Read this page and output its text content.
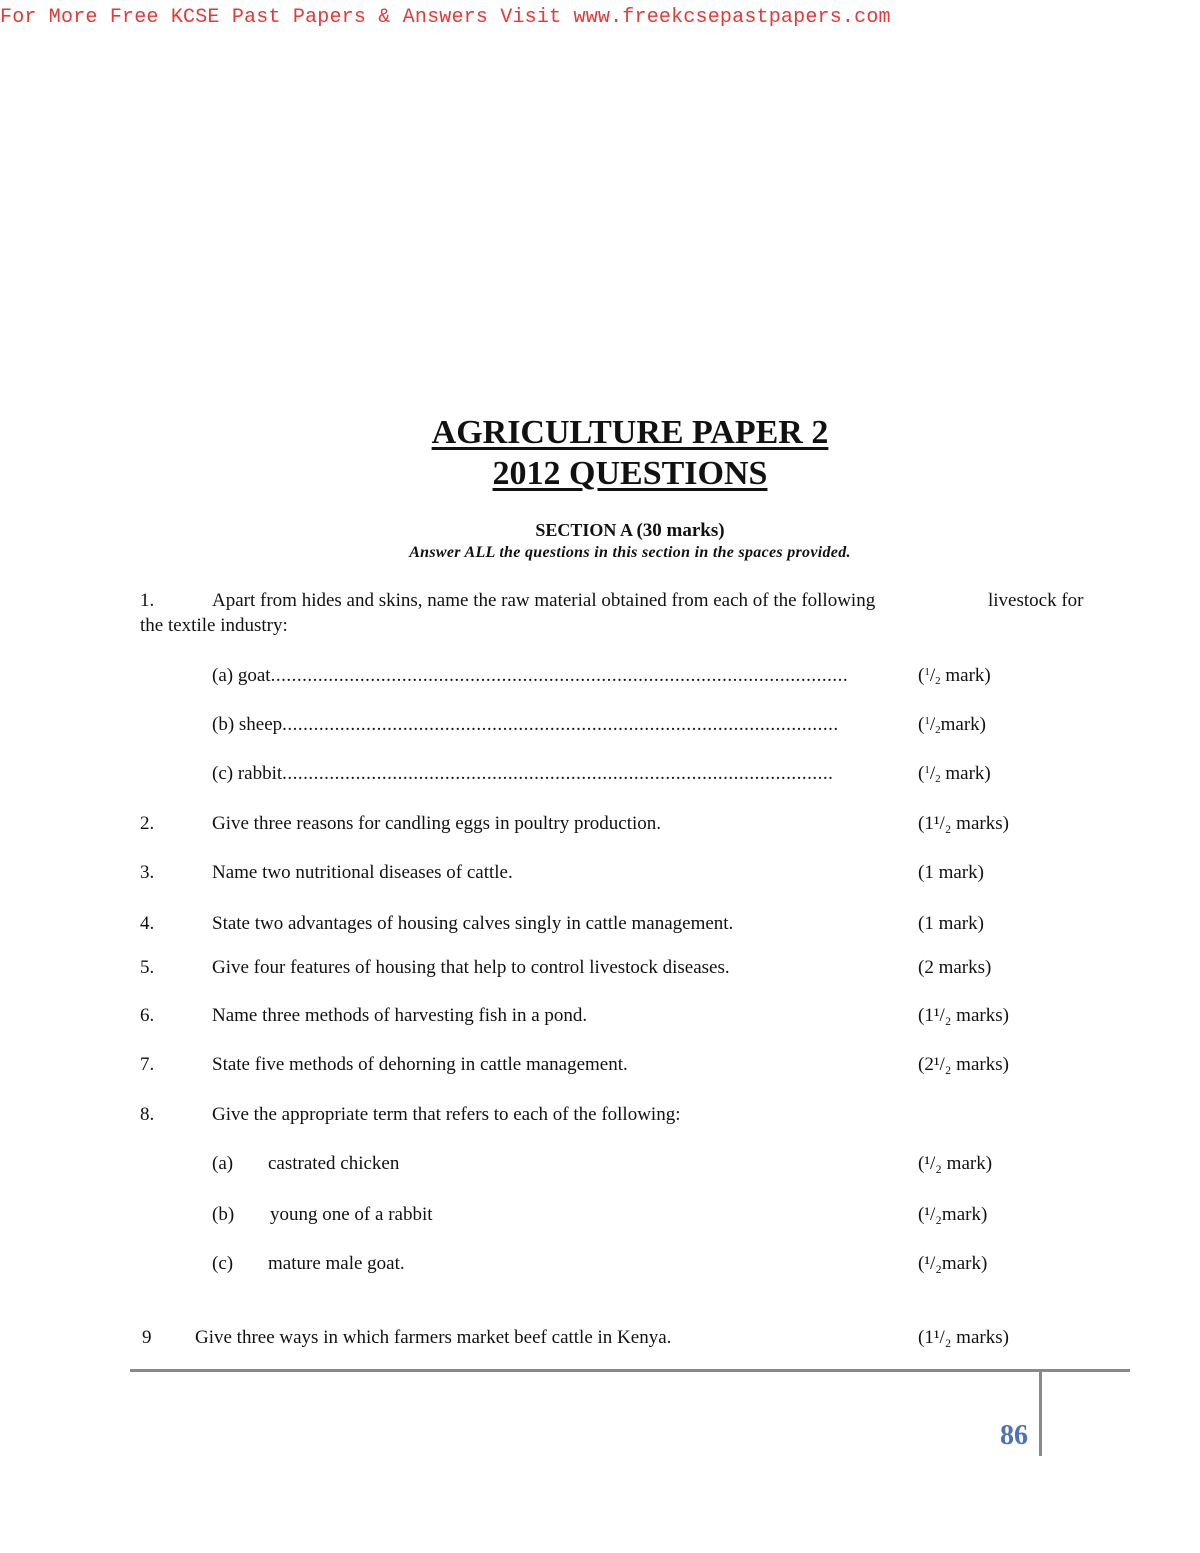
For More Free KCSE Past Papers & Answers Visit www.freekcsepastpapers.com
AGRICULTURE PAPER 2
2012 QUESTIONS
SECTION A (30 marks)
Answer ALL the questions in this section in the spaces provided.
1.	Apart from hides and skins, name the raw material obtained from each of the following	livestock for
the textile industry:
(a) goat..............................................................................................................	($^1/_2$ mark)
(b) sheep..........................................................................................................	$(^1/_2mark)$
(c) rabbit.........................................................................................................	($^1/_2$ mark)
2.	Give three reasons for candling eggs in poultry production.	(1¹/₂ marks)
3.	Name two nutritional diseases of cattle.	(1 mark)
4.	State two advantages of housing calves singly in cattle management.	(1 mark)
5.	Give four features of housing that help to control livestock diseases.	(2 marks)
6.	Name three methods of harvesting fish in a pond.	(1¹/₂ marks)
7.	State five methods of dehorning in cattle management.	(2¹/₂ marks)
8.	Give the appropriate term that refers to each of the following:
(a) castrated chicken	(¹/₂ mark)
(b) young one of a rabbit	(¹/₂mark)
(c) mature male goat.	(¹/₂mark)
9 Give three ways in which farmers market beef cattle in Kenya.	(1¹/₂ marks)
86
